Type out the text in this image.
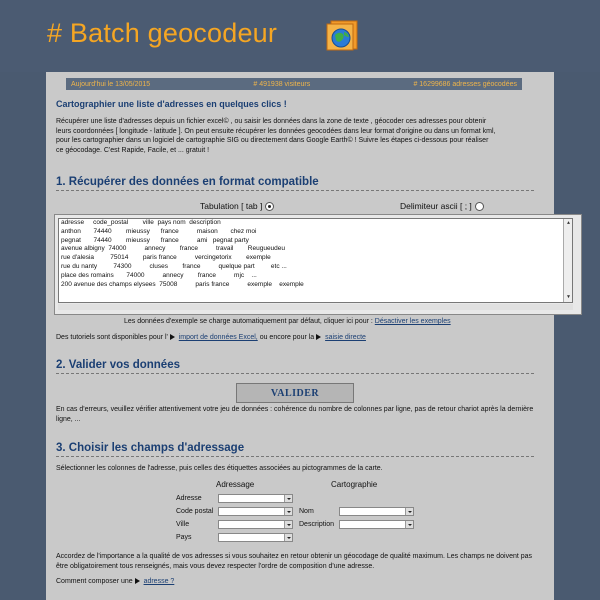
# Batch geocodeur
Aujourd'hui le 13/05/2015	# 491938 visiteurs	# 16299686 adresses géocodées
Cartographier une liste d'adresses en quelques clics !
Récupérer une liste d'adresses depuis un fichier excel© , ou saisir les données dans la zone de texte , géocoder ces adresses pour obtenir
leurs coordonnées [ longitude - latitude ]. On peut ensuite récupérer les données geocodées dans leur format d'origine ou dans un format kml,
pour les cartographier dans un logiciel de cartographie SIG ou directement dans Google Earth© ! Suivre les étapes ci-dessous pour réaliser
ce géocodage. C'est Rapide, Facile, et ... gratuit !
1. Récupérer des données en format compatible
Tabulation [ tab ]	Delimiteur ascii [ ; ]
adresse     code_postal        ville  pays nom  description
anthon       74440        mieussy      france          maison       chez moi
pegnat       74440        mieussy      france          ami   pegnat party
avenue albigny  74000          annecy        france          travail        Reugueudeu
rue d'alesia         75014        paris france          vercingetorix        exemple
rue du nanty         74300          cluses        france          quelque part         etc ...
place des romains       74000          annecy        france          mjc    ...
200 avenue des champs elysees  75008          paris france          exemple    exemple
▲
▼
Les données d'exemple se charge automatiquement par défaut, cliquer ici pour : Désactiver les exemples
Des tutoriels sont disponibles pour l' import de données Excel, ou encore pour la saisie directe
2. Valider vos données
VALIDER
En cas d'erreurs, veuillez vérifier attentivement votre jeu de données : cohérence du nombre de colonnes par ligne, pas de retour chariot après la dernière ligne, ...
3. Choisir les champs d'adressage
Sélectionner les colonnes de l'adresse, puis celles des étiquettes associées au pictogrammes de la carte.
Adressage	Cartographie
Adresse
Code postal
Ville
Pays
Nom
Description
Accordez de l'importance a la qualité de vos adresses si vous souhaitez en retour obtenir un géocodage de qualité maximum. Les champs ne doivent pas être obligatoirement tous renseignés, mais vous devez respecter l'ordre de composition d'une adresse.
Comment composer une adresse ?
